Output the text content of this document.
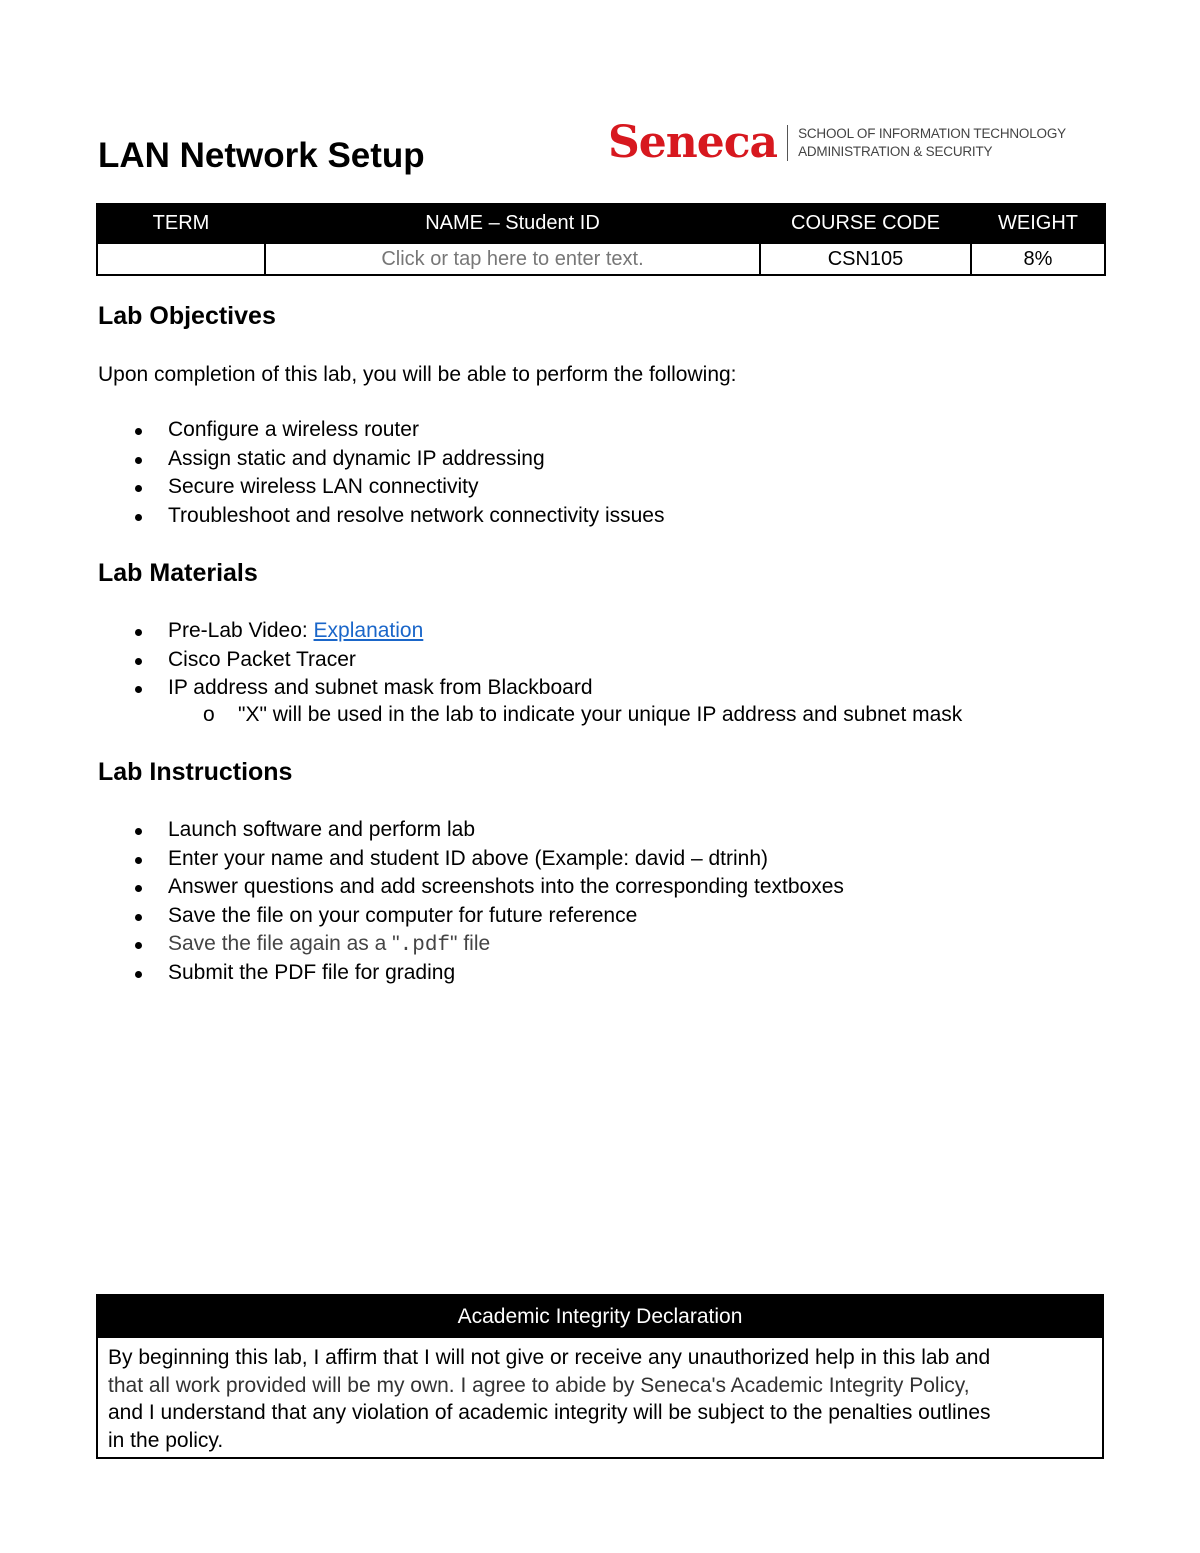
LAN Network Setup	Seneca SCHOOL OF INFORMATION TECHNOLOGY
ADMINISTRATION & SECURITY
TERM	NAME – Student ID	COURSE CODE	WEIGHT
	Click or tap here to enter text.	CSN105	8%
Lab Objectives

Upon completion of this lab, you will be able to perform the following:

Configure a wireless router
Assign static and dynamic IP addressing
Secure wireless LAN connectivity
Troubleshoot and resolve network connectivity issues
Lab Materials
Pre-Lab Video: Explanation
Cisco Packet Tracer
IP address and subnet mask from Blackboard
o "X" will be used in the lab to indicate your unique IP address and subnet mask
Lab Instructions
Launch software and perform lab
Enter your name and student ID above (Example: david – dtrinh)
Answer questions and add screenshots into the corresponding textboxes
Save the file on your computer for future reference
Save the file again as a ".pdf" file
Submit the PDF file for grading
Academic Integrity Declaration
By beginning this lab, I affirm that I will not give or receive any unauthorized help in this lab and
that all work provided will be my own. I agree to abide by Seneca's Academic Integrity Policy,
and I understand that any violation of academic integrity will be subject to the penalties outlines
in the policy.
